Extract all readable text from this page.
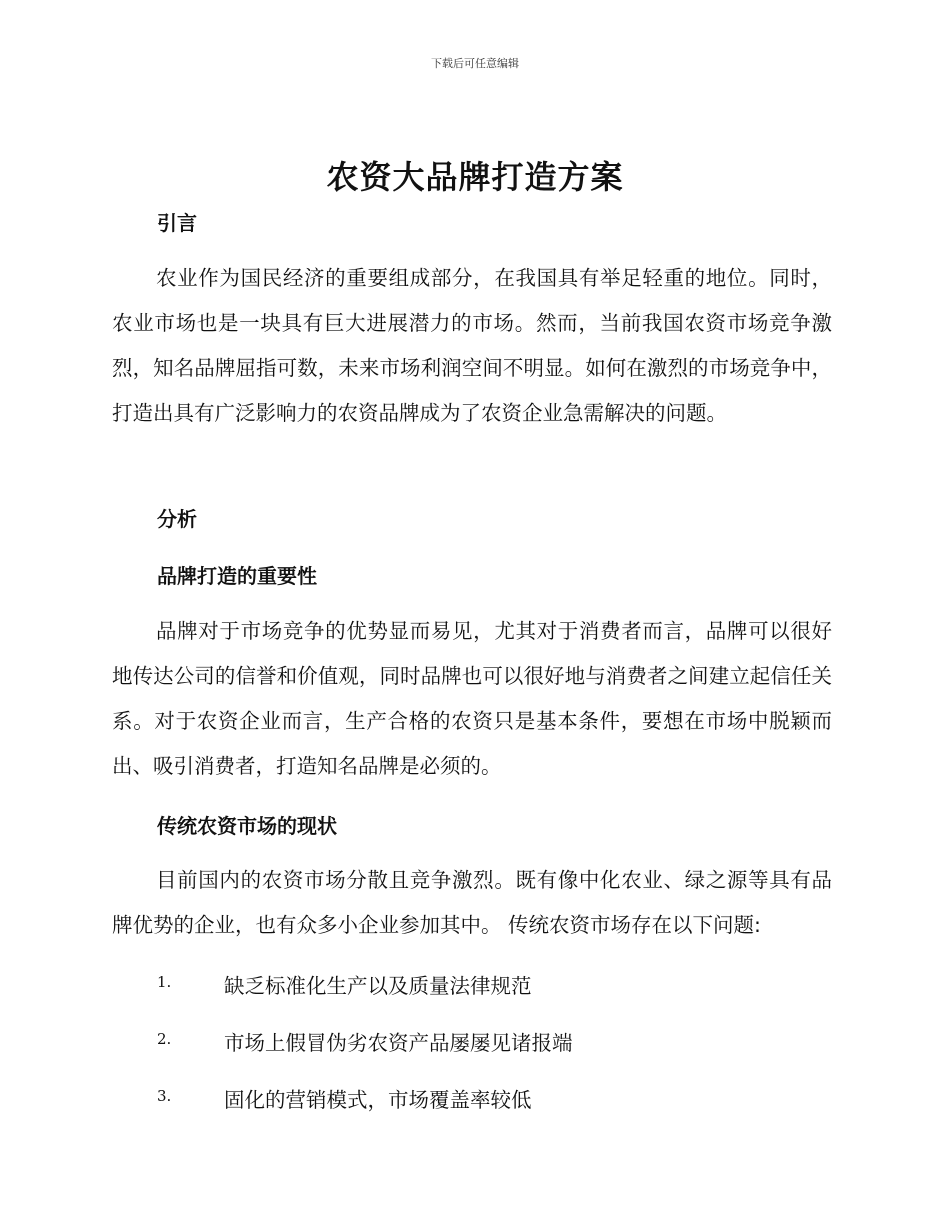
下载后可任意编辑
农资大品牌打造方案
引言

农业作为国民经济的重要组成部分，在我国具有举足轻重的地位。同时，农业市场也是一块具有巨大进展潜力的市场。然而，当前我国农资市场竞争激烈，知名品牌屈指可数，未来市场利润空间不明显。如何在激烈的市场竞争中，打造出具有广泛影响力的农资品牌成为了农资企业急需解决的问题。

分析
品牌打造的重要性

品牌对于市场竞争的优势显而易见，尤其对于消费者而言，品牌可以很好地传达公司的信誉和价值观，同时品牌也可以很好地与消费者之间建立起信任关系。对于农资企业而言，生产合格的农资只是基本条件，要想在市场中脱颖而出、吸引消费者，打造知名品牌是必须的。

传统农资市场的现状

目前国内的农资市场分散且竞争激烈。既有像中化农业、绿之源等具有品牌优势的企业，也有众多小企业参加其中。 传统农资市场存在以下问题:

1.	缺乏标准化生产以及质量法律规范
2.	市场上假冒伪劣农资产品屡屡见诸报端
3.	固化的营销模式，市场覆盖率较低
